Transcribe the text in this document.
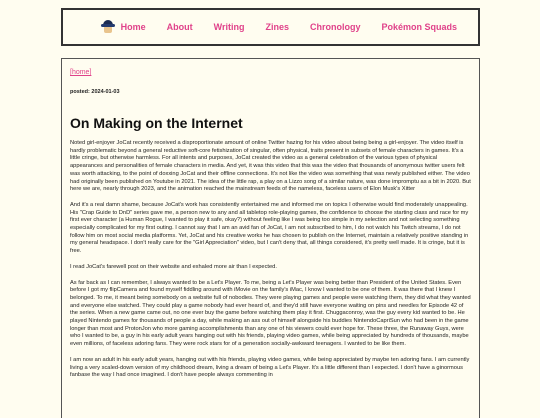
Home About Writing Zines Chronology Pokémon Squads
[home]
posted: 2024-01-03
On Making on the Internet

Noted girl-enjoyer JoCat recently received a disproportionate amount of online Twitter hazing for his video about being being a girl-enjoyer. The video itself is hardly problematic beyond a general reductive soft-core fetishization of singular, often physical, traits present in subsets of female characters in games. It's a little cringe, but otherwise harmless. For all intents and purposes, JoCat created the video as a general celebration of the various types of physical appearances and personalities of female characters in media. And yet, it was this video that this was the video that thousands of anonymous twitter users felt was worth attacking, to the point of doxxing JoCat and their offline connections. It's not like the video was something that was newly published either. The video had originally been published on Youtube in 2021. The idea of the little rap, a play on a Lizzo song of a similar nature, was done impromptu as a bit in 2020. But here we are, nearly through 2023, and the animation reached the mainstream feeds of the nameless, faceless users of Elon Musk's Xitter

And it's a real damn shame, because JoCat's work has consistently entertained me and informed me on topics I otherwise would find moderately unappealing. His "Crap Guide to DnD" series gave me, a person new to any and all tabletop role-playing games, the confidence to choose the starting class and race for my first ever character (a Human Rogue, I wanted to play it safe, okay?) without feeling like I was being too simple in my selection and not selecting something especially complicated for my first outing. I cannot say that I am an avid fan of JoCat, I am not subscribed to him, I do not watch his Twitch streams, I do not follow him on most social media platforms. Yet, JoCat and his creative works he has chosen to publish on the Internet, maintain a relatively positive standing in my general headspace. I don't really care for the "Girl Appreciation" video, but I can't deny that, all things considered, it's pretty well made. It is cringe, but it is free.

I read JoCat's farewell post on their website and exhaled more air than I expected.

As far back as I can remember, I always wanted to be a Let's Player. To me, being a Let's Player was being better than President of the United States. Even before I got my flipCamera and found myself fiddling around with iMovie on the family's iMac, I know I wanted to be one of them. It was there that I knew I belonged. To me, it meant being somebody on a website full of nobodies. They were playing games and people were watching them, they did what they wanted and everyone else watched. They could play a game nobody had ever heard of, and they'd still have everyone waiting on pins and needles for Episode 42 of the series. When a new game came out, no one ever buy the game before watching them play it first. Chuggaconroy, was the guy every kid wanted to be. He played Nintendo games for thousands of people a day, while making an ass out of himself alongside his buddies NintendoCapriSun who had been in the game longer than most and ProtonJon who more gaming accomplishments than any one of his viewers could ever hope for. These three, the Runaway Guys, were who I wanted to be, a guy in his early adult years hanging out with his friends, playing video games, while being appreciated by hundreds of thousands, maybe even millions, of faceless adoring fans. They were rock stars for of a generation socially-awkward teenagers. I wanted to be like them.

I am now an adult in his early adult years, hanging out with his friends, playing video games, while being appreciated by maybe ten adoring fans. I am currently living a very scaled-down version of my childhood dream, living a dream of being a Let's Player. It's a little different than I expected. I don't have a ginormous fanbase the way I had once imagined. I don't have people always commenting in
